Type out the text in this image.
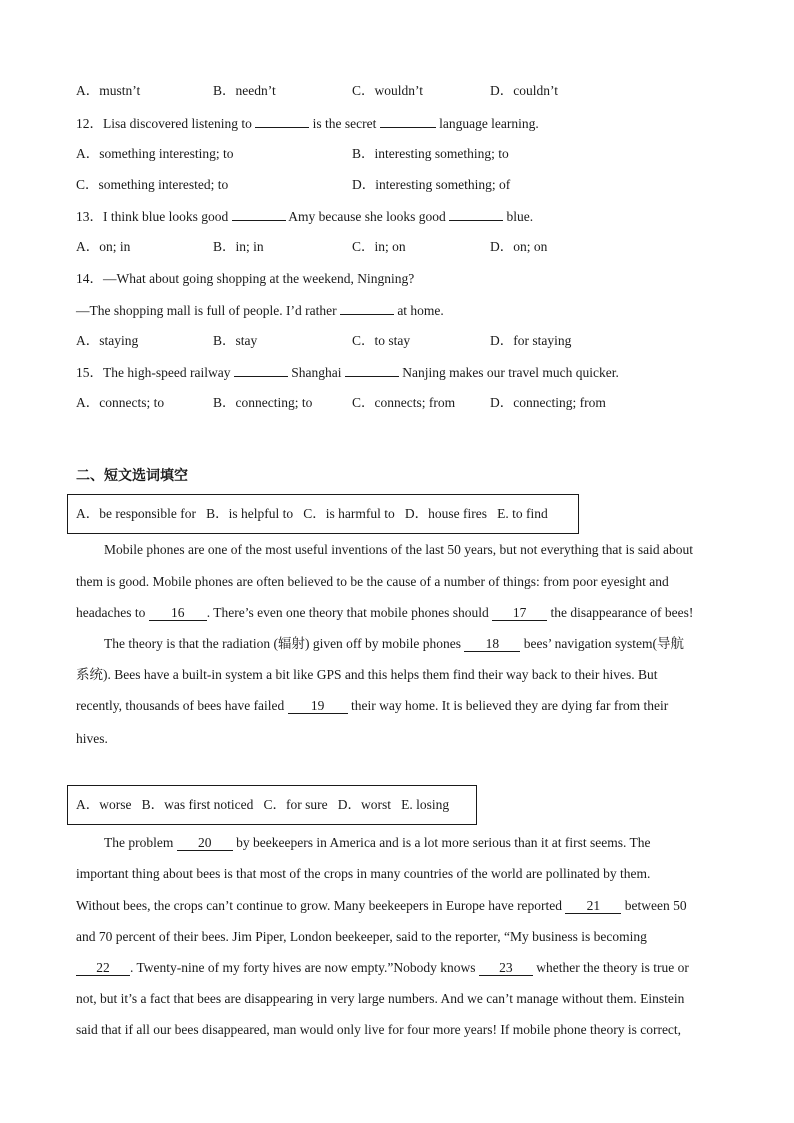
A．mustn’t	B．needn’t	C．wouldn’t	D．couldn’t
12．Lisa discovered listening to	is the secret	language learning.
A．something interesting; to	B．interesting something; to
C．something interested; to	D．interesting something; of
13．I think blue looks good	Amy because she looks good	blue.
A．on; in	B．in; in	C．in; on	D．on; on
14．—What about going shopping at the weekend, Ningning?
—The shopping mall is full of people. I’d rather	at home.
A．staying	B．stay	C．to stay	D．for staying
15．The high-speed railway	Shanghai	Nanjing makes our travel much quicker.
A．connects; to	B．connecting; to	C．connects; from	D．connecting; from
二、短文选词填空
A．be responsible for   B．is helpful to   C．is harmful to   D．house fires   E. to find
Mobile phones are one of the most useful inventions of the last 50 years, but not everything that is said about
them is good. Mobile phones are often believed to be the cause of a number of things: from poor eyesight and
headaches to 16 . There’s even one theory that mobile phones should 17 the disappearance of bees!
The theory is that the radiation (辐射) given off by mobile phones 18 bees’ navigation system(导航
系统). Bees have a built-in system a bit like GPS and this helps them find their way back to their hives. But
recently, thousands of bees have failed 19 their way home. It is believed they are dying far from their
hives.
A．worse   B．was first noticed   C．for sure   D．worst   E. losing
The problem 20 by beekeepers in America and is a lot more serious than it at first seems. The
important thing about bees is that most of the crops in many countries of the world are pollinated by them.
Without bees, the crops can’t continue to grow. Many beekeepers in Europe have reported 21 between 50
and 70 percent of their bees. Jim Piper, London beekeeper, said to the reporter, “My business is becoming
22 . Twenty-nine of my forty hives are now empty.”Nobody knows 23 whether the theory is true or
not, but it’s a fact that bees are disappearing in very large numbers. And we can’t manage without them. Einstein
said that if all our bees disappeared, man would only live for four more years! If mobile phone theory is correct,
